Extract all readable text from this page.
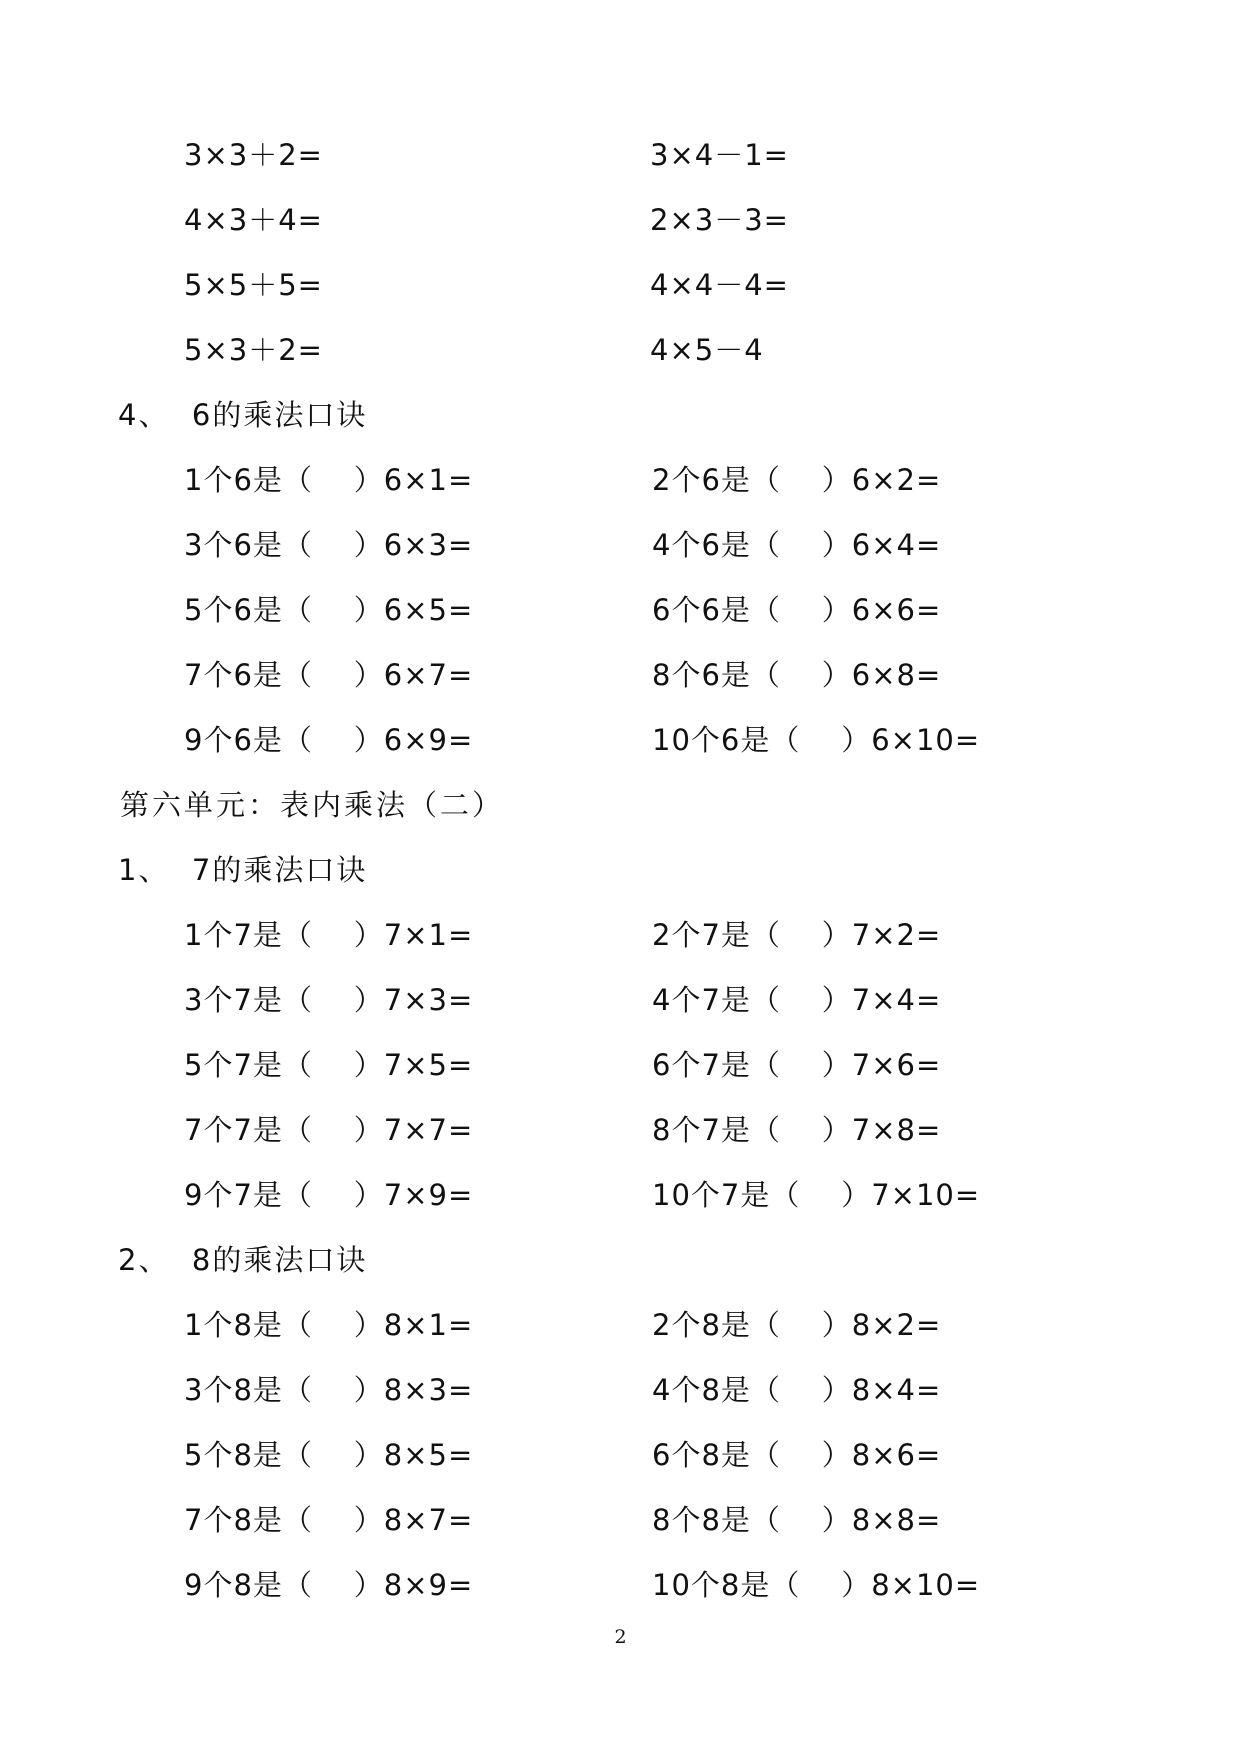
3×3＋2=	3×4－1=
4×3＋4=	2×3－3=
5×5＋5=	4×4－4=
5×3＋2=	4×5－4
4、  6的乘法口诀
1个6是（    ）6×1=	2个6是（    ）6×2=
3个6是（    ）6×3=	4个6是（    ）6×4=
5个6是（    ）6×5=	6个6是（    ）6×6=
7个6是（    ）6×7=	8个6是（    ）6×8=
9个6是（    ）6×9=	10个6是（    ）6×10=
第六单元：表内乘法（二）
1、  7的乘法口诀
1个7是（    ）7×1=	2个7是（    ）7×2=
3个7是（    ）7×3=	4个7是（    ）7×4=
5个7是（    ）7×5=	6个7是（    ）7×6=
7个7是（    ）7×7=	8个7是（    ）7×8=
9个7是（    ）7×9=	10个7是（    ）7×10=
2、  8的乘法口诀
1个8是（    ）8×1=	2个8是（    ）8×2=
3个8是（    ）8×3=	4个8是（    ）8×4=
5个8是（    ）8×5=	6个8是（    ）8×6=
7个8是（    ）8×7=	8个8是（    ）8×8=
9个8是（    ）8×9=	10个8是（    ）8×10=
2
